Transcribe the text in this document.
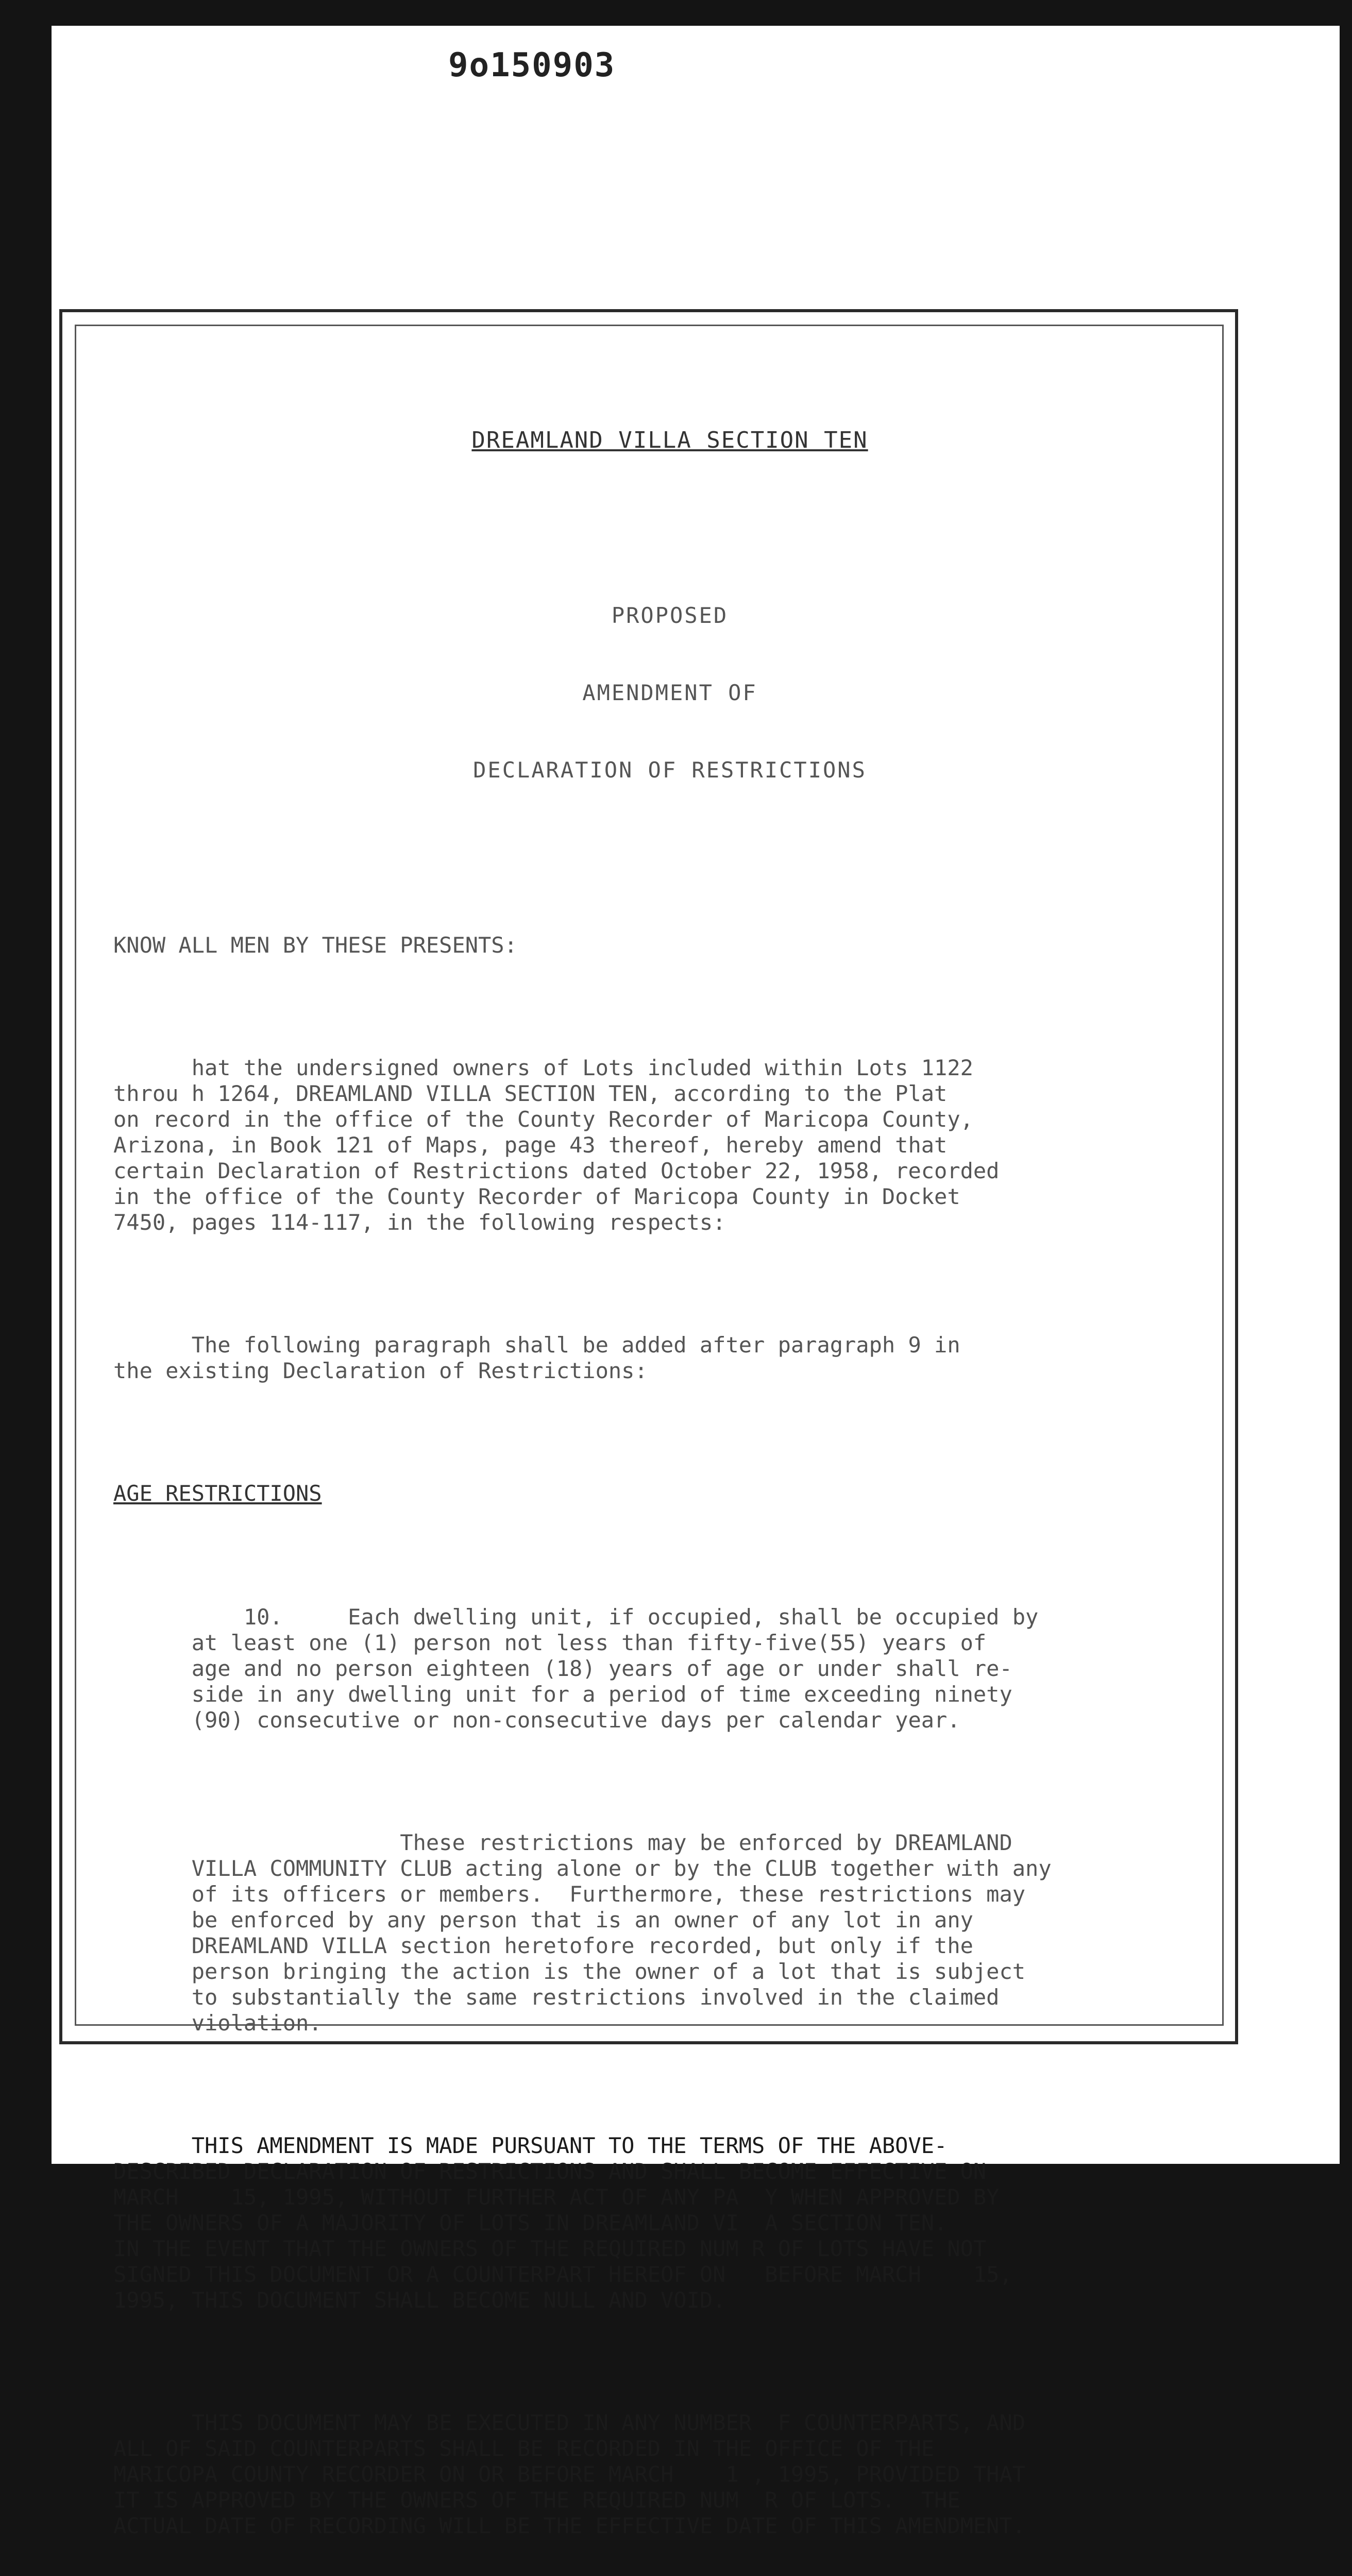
9o150903

DREAMLAND VILLA SECTION TEN

PROPOSED

AMENDMENT OF

DECLARATION OF RESTRICTIONS

KNOW ALL MEN BY THESE PRESENTS:

hat the undersigned owners of Lots included within Lots 1122
throu h 1264, DREAMLAND VILLA SECTION TEN, according to the Plat
on record in the office of the County Recorder of Maricopa County,
Arizona, in Book 121 of Maps, page 43 thereof, hereby amend that
certain Declaration of Restrictions dated October 22, 1958, recorded
in the office of the County Recorder of Maricopa County in Docket
7450, pages 114-117, in the following respects:

The following paragraph shall be added after paragraph 9 in
the existing Declaration of Restrictions:

AGE RESTRICTIONS

10.     Each dwelling unit, if occupied, shall be occupied by
at least one (1) person not less than fifty-five(55) years of
age and no person eighteen (18) years of age or under shall re-
side in any dwelling unit for a period of time exceeding ninety
(90) consecutive or non-consecutive days per calendar year.

These restrictions may be enforced by DREAMLAND
VILLA COMMUNITY CLUB acting alone or by the CLUB together with any
of its officers or members.  Furthermore, these restrictions may
be enforced by any person that is an owner of any lot in any
DREAMLAND VILLA section heretofore recorded, but only if the
person bringing the action is the owner of a lot that is subject
to substantially the same restrictions involved in the claimed
violation.

THIS AMENDMENT IS MADE PURSUANT TO THE TERMS OF THE ABOVE-
DESCRIBED DECLARATION OF RESTRICTIONS AND SHALL BECOME EFFECTIVE ON
MARCH    15, 1995, WITHOUT FURTHER ACT OF ANY PA  Y WHEN APPROVED BY
THE OWNERS OF A MAJORITY OF LOTS IN DREAMLAND VI  A SECTION TEN.
IN THE EVENT THAT THE OWNERS OF THE REQUIRED NUM R OF LOTS HAVE NOT
SIGNED THIS DOCUMENT OR A COUNTERPART HEREOF ON   BEFORE MARCH    15,
1995, THIS DOCUMENT SHALL BECOME NULL AND VOID.

THIS DOCUMENT MAY BE EXECUTED IN ANY NUMBER  F COUNTERPARTS, AND
ALL OF SAID COUNTERPARTS SHALL BE RECORDED IN THE OFFICE OF THE
MARICOPA COUNTY RECORDER ON OR BEFORE MARCH    1 , 1995, PROVIDED THAT
IT IS APPROVED BY THE OWNERS OF THE REQUIRED NUM  R OF LOTS.  THE
ACTUAL DATE OF RECORDING WILL BE THE EFFECTIVE DATE OF THIS AMENDMENT.
